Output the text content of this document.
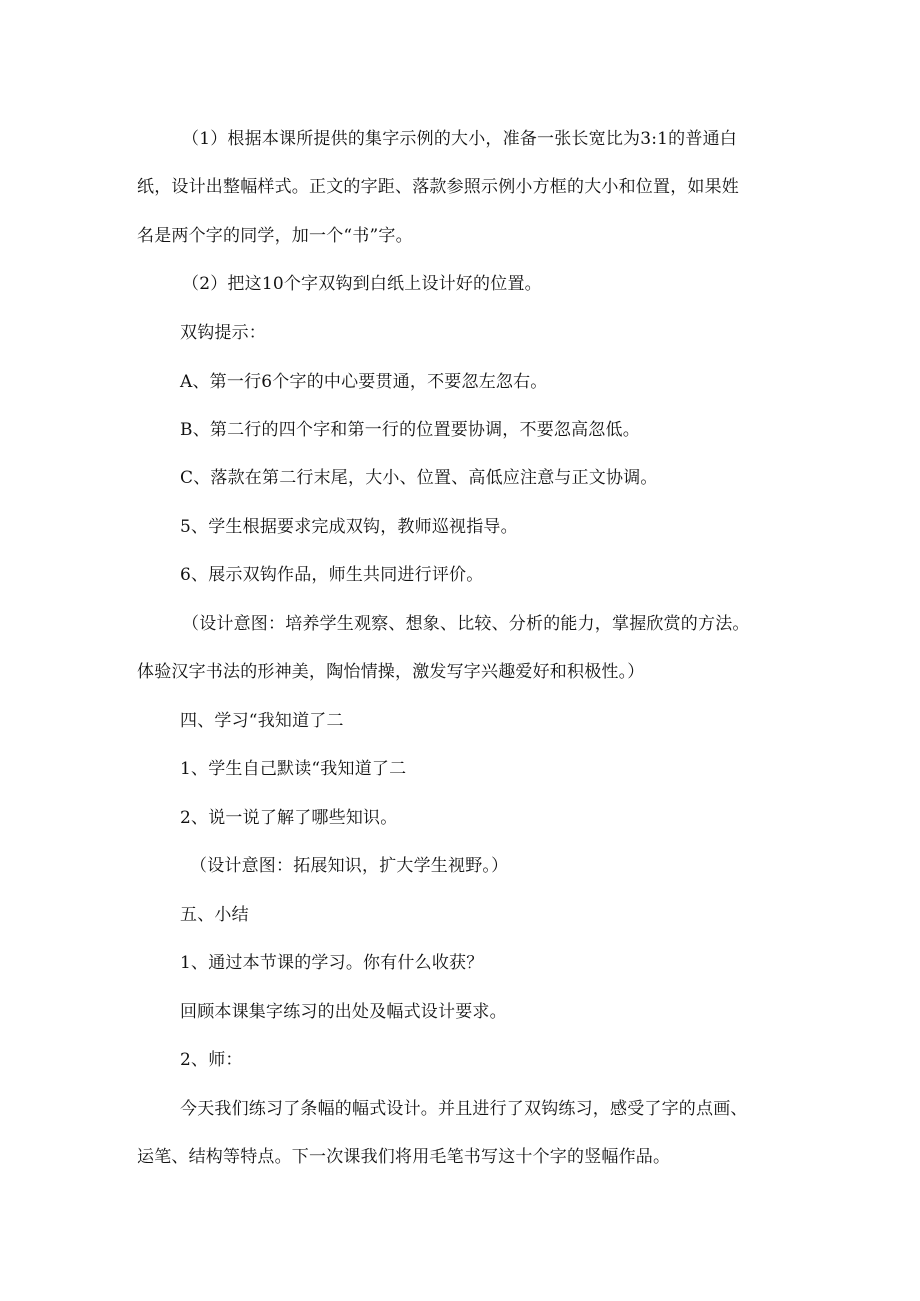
（1）根据本课所提供的集字示例的大小，准备一张长宽比为3:1的普通白
纸，设计出整幅样式。正文的字距、落款参照示例小方框的大小和位置，如果姓
名是两个字的同学，加一个“书”字。
（2）把这10个字双钩到白纸上设计好的位置。
双钩提示：
A、第一行6个字的中心要贯通，不要忽左忽右。
B、第二行的四个字和第一行的位置要协调，不要忽高忽低。
C、落款在第二行末尾，大小、位置、高低应注意与正文协调。
5、学生根据要求完成双钩，教师巡视指导。
6、展示双钩作品，师生共同进行评价。
（设计意图：培养学生观察、想象、比较、分析的能力，掌握欣赏的方法。
体验汉字书法的形神美，陶怡情操，激发写字兴趣爱好和积极性。）
四、学习“我知道了二
1、学生自己默读“我知道了二
2、说一说了解了哪些知识。
（设计意图：拓展知识，扩大学生视野。）
五、小结
1、通过本节课的学习。你有什么收获？
回顾本课集字练习的出处及幅式设计要求。
2、师：
今天我们练习了条幅的幅式设计。并且进行了双钩练习，感受了字的点画、
运笔、结构等特点。下一次课我们将用毛笔书写这十个字的竖幅作品。
